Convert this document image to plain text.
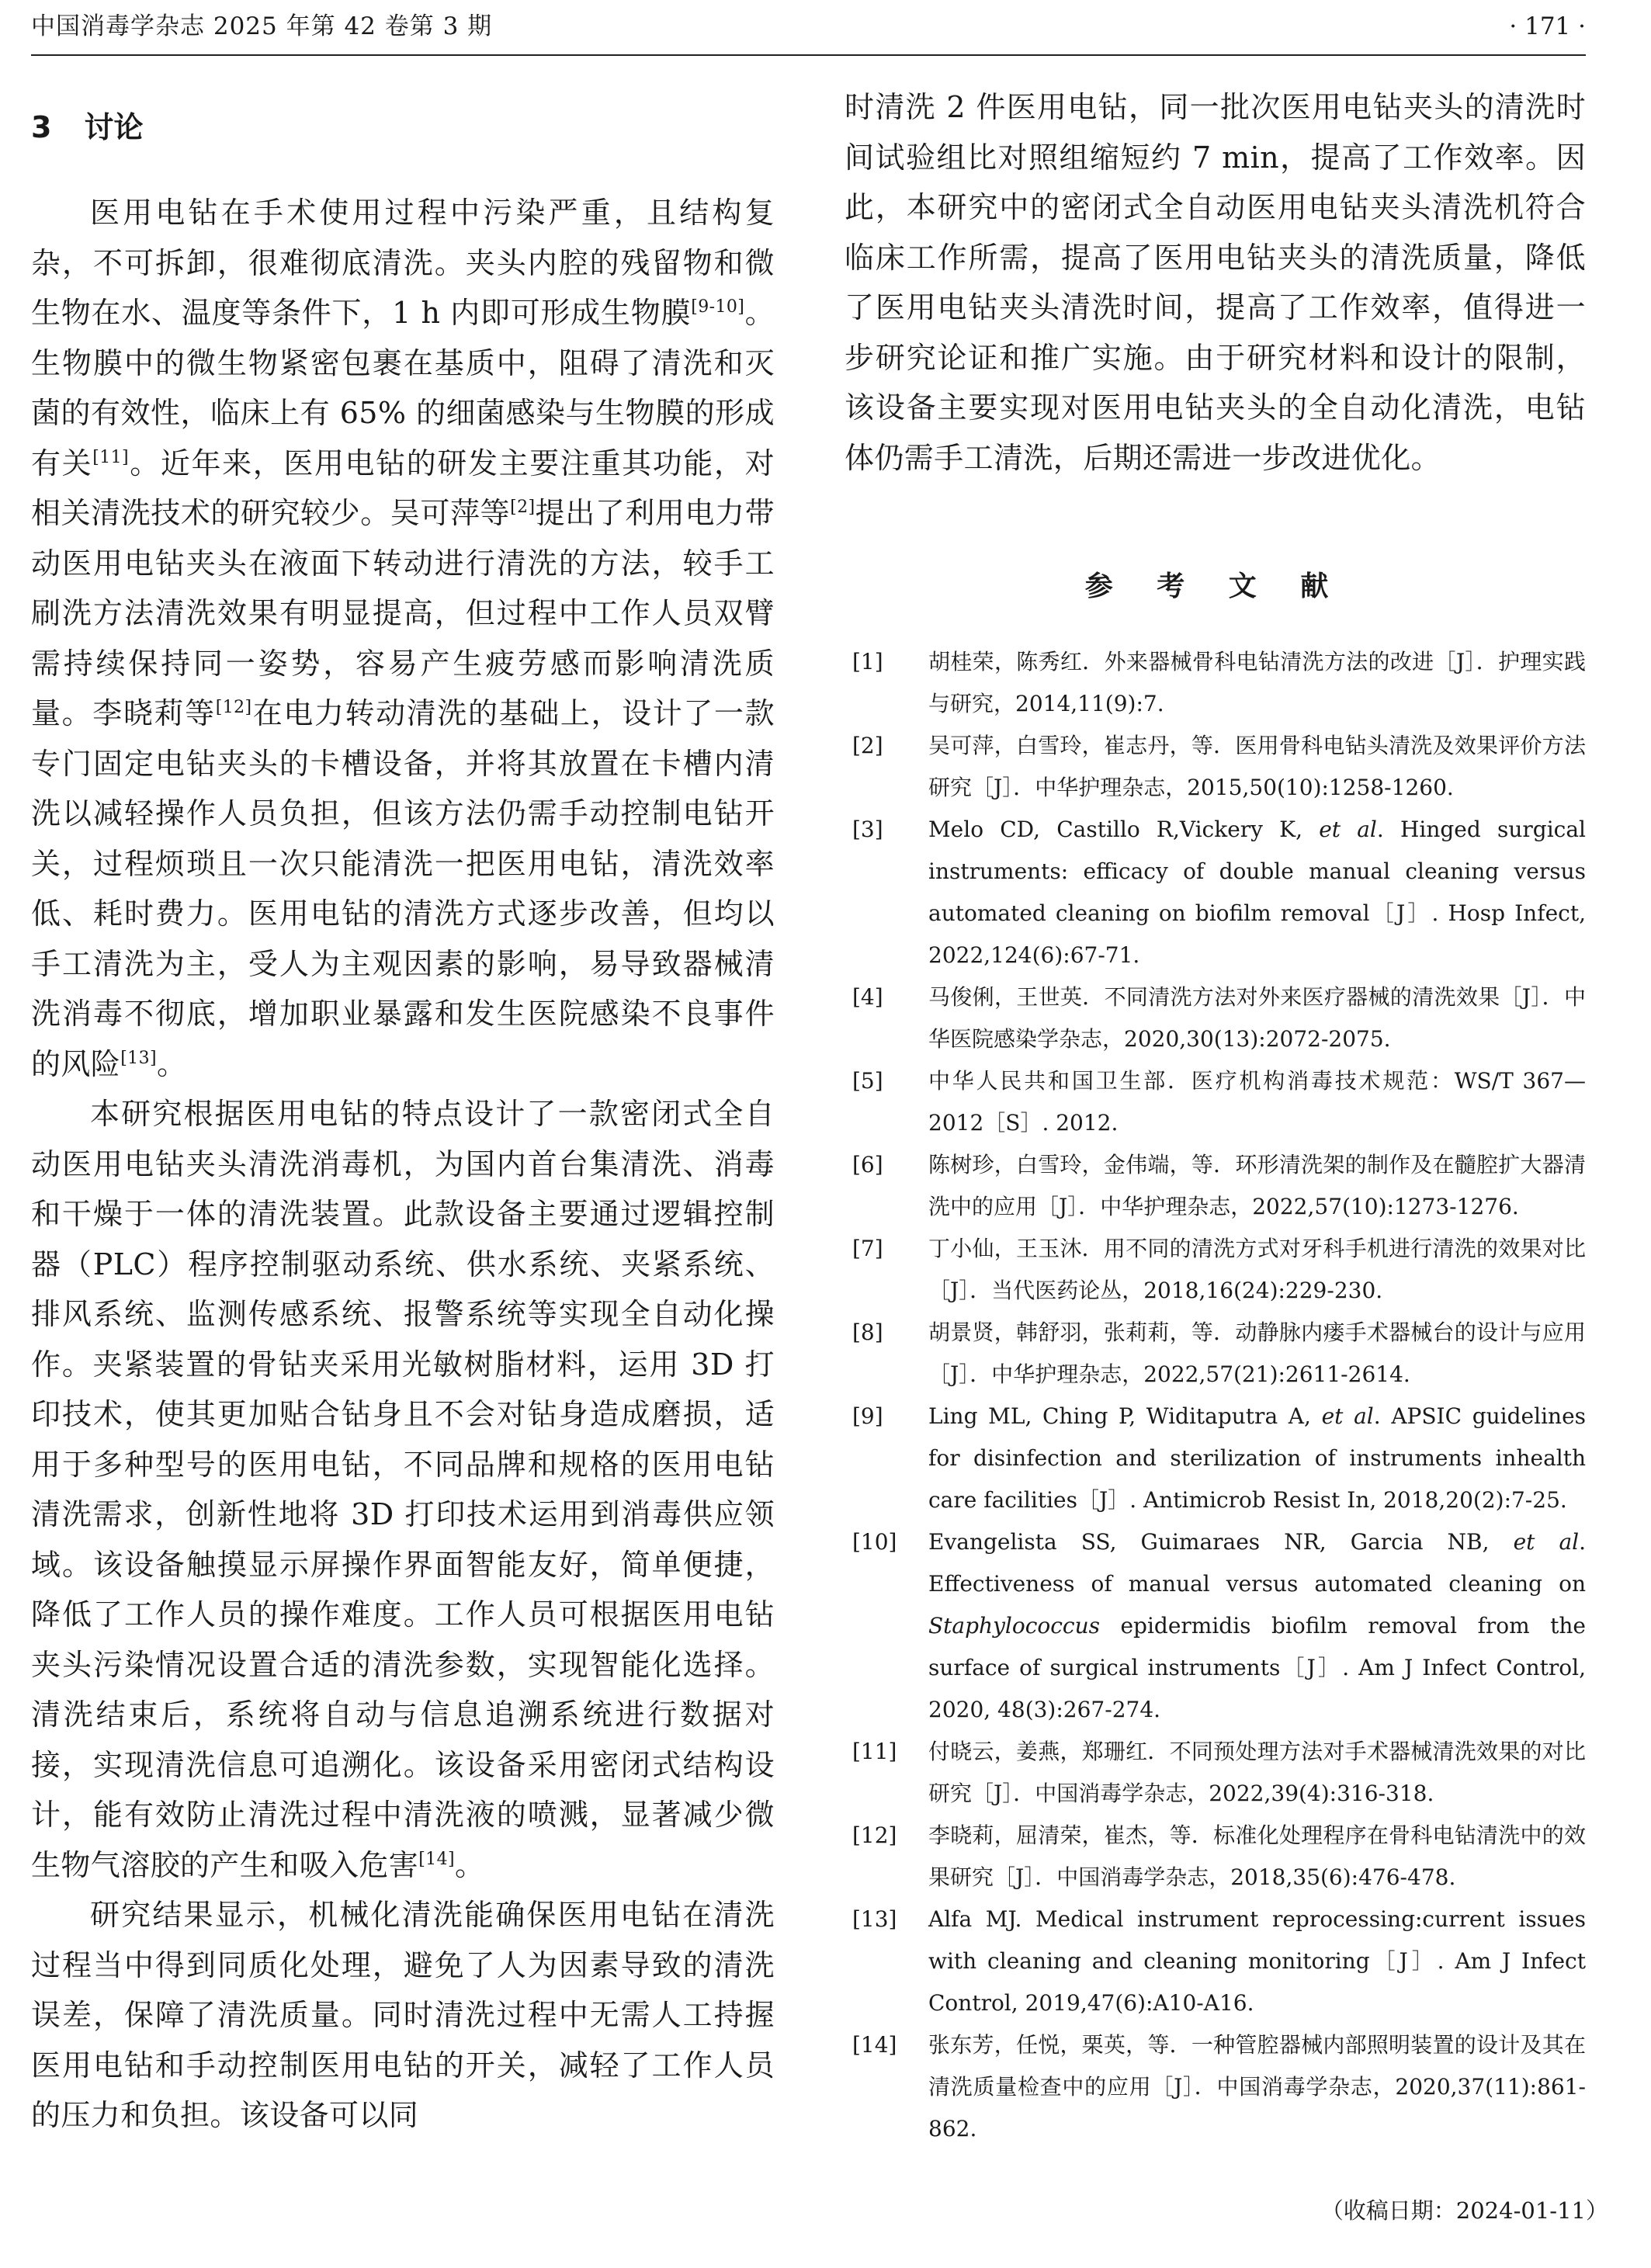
中国消毒学杂志 2025 年第 42 卷第 3 期	· 171 ·
3 讨论

医用电钻在手术使用过程中污染严重，且结构复杂，不可拆卸，很难彻底清洗。夹头内腔的残留物和微生物在水、温度等条件下，1 h 内即可形成生物膜[9-10]。生物膜中的微生物紧密包裹在基质中，阻碍了清洗和灭菌的有效性，临床上有 65% 的细菌感染与生物膜的形成有关[11]。近年来，医用电钻的研发主要注重其功能，对相关清洗技术的研究较少。吴可萍等[2]提出了利用电力带动医用电钻夹头在液面下转动进行清洗的方法，较手工刷洗方法清洗效果有明显提高，但过程中工作人员双臂需持续保持同一姿势，容易产生疲劳感而影响清洗质量。李晓莉等[12]在电力转动清洗的基础上，设计了一款专门固定电钻夹头的卡槽设备，并将其放置在卡槽内清洗以减轻操作人员负担，但该方法仍需手动控制电钻开关，过程烦琐且一次只能清洗一把医用电钻，清洗效率低、耗时费力。医用电钻的清洗方式逐步改善，但均以手工清洗为主，受人为主观因素的影响，易导致器械清洗消毒不彻底，增加职业暴露和发生医院感染不良事件的风险[13]。

本研究根据医用电钻的特点设计了一款密闭式全自动医用电钻夹头清洗消毒机，为国内首台集清洗、消毒和干燥于一体的清洗装置。此款设备主要通过逻辑控制器（PLC）程序控制驱动系统、供水系统、夹紧系统、排风系统、监测传感系统、报警系统等实现全自动化操作。夹紧装置的骨钻夹采用光敏树脂材料，运用 3D 打印技术，使其更加贴合钻身且不会对钻身造成磨损，适用于多种型号的医用电钻，不同品牌和规格的医用电钻清洗需求，创新性地将 3D 打印技术运用到消毒供应领域。该设备触摸显示屏操作界面智能友好，简单便捷，降低了工作人员的操作难度。工作人员可根据医用电钻夹头污染情况设置合适的清洗参数，实现智能化选择。清洗结束后，系统将自动与信息追溯系统进行数据对接，实现清洗信息可追溯化。该设备采用密闭式结构设计，能有效防止清洗过程中清洗液的喷溅，显著减少微生物气溶胶的产生和吸入危害[14]。

研究结果显示，机械化清洗能确保医用电钻在清洗过程当中得到同质化处理，避免了人为因素导致的清洗误差，保障了清洗质量。同时清洗过程中无需人工持握医用电钻和手动控制医用电钻的开关，减轻了工作人员的压力和负担。该设备可以同

时清洗 2 件医用电钻，同一批次医用电钻夹头的清洗时间试验组比对照组缩短约 7 min，提高了工作效率。因此，本研究中的密闭式全自动医用电钻夹头清洗机符合临床工作所需，提高了医用电钻夹头的清洗质量，降低了医用电钻夹头清洗时间，提高了工作效率，值得进一步研究论证和推广实施。由于研究材料和设计的限制，该设备主要实现对医用电钻夹头的全自动化清洗，电钻体仍需手工清洗，后期还需进一步改进优化。

参 考 文 献
[1] 胡桂荣，陈秀红．外来器械骨科电钻清洗方法的改进［J］．护理实践与研究，2014,11(9):7.
[2] 吴可萍，白雪玲，崔志丹，等．医用骨科电钻头清洗及效果评价方法研究［J］．中华护理杂志，2015,50(10):1258-1260.
[3] Melo CD, Castillo R,Vickery K, et al. Hinged surgical instruments: efficacy of double manual cleaning versus automated cleaning on biofilm removal［J］. Hosp Infect, 2022,124(6):67-71.
[4] 马俊俐，王世英．不同清洗方法对外来医疗器械的清洗效果［J］．中华医院感染学杂志，2020,30(13):2072-2075.
[5] 中华人民共和国卫生部．医疗机构消毒技术规范：WS/T 367—2012［S］. 2012.
[6] 陈树珍，白雪玲，金伟端，等．环形清洗架的制作及在髓腔扩大器清洗中的应用［J］．中华护理杂志，2022,57(10):1273-1276.
[7] 丁小仙，王玉沐．用不同的清洗方式对牙科手机进行清洗的效果对比［J］．当代医药论丛，2018,16(24):229-230.
[8] 胡景贤，韩舒羽，张莉莉，等．动静脉内瘘手术器械台的设计与应用［J］．中华护理杂志，2022,57(21):2611-2614.
[9] Ling ML, Ching P, Widitaputra A, et al. APSIC guidelines for disinfection and sterilization of instruments inhealth care facilities［J］. Antimicrob Resist In, 2018,20(2):7-25.
[10] Evangelista SS, Guimaraes NR, Garcia NB, et al. Effectiveness of manual versus automated cleaning on Staphylococcus epidermidis biofilm removal from the surface of surgical instruments［J］. Am J Infect Control, 2020, 48(3):267-274.
[11] 付晓云，姜燕，郑珊红．不同预处理方法对手术器械清洗效果的对比研究［J］．中国消毒学杂志，2022,39(4):316-318.
[12] 李晓莉，屈清荣，崔杰，等．标准化处理程序在骨科电钻清洗中的效果研究［J］．中国消毒学杂志，2018,35(6):476-478.
[13] Alfa MJ. Medical instrument reprocessing:current issues with cleaning and cleaning monitoring［J］. Am J Infect Control, 2019,47(6):A10-A16.
[14] 张东芳，任悦，栗英，等．一种管腔器械内部照明装置的设计及其在清洗质量检查中的应用［J］．中国消毒学杂志，2020,37(11):861-862.
（收稿日期：2024-01-11）
